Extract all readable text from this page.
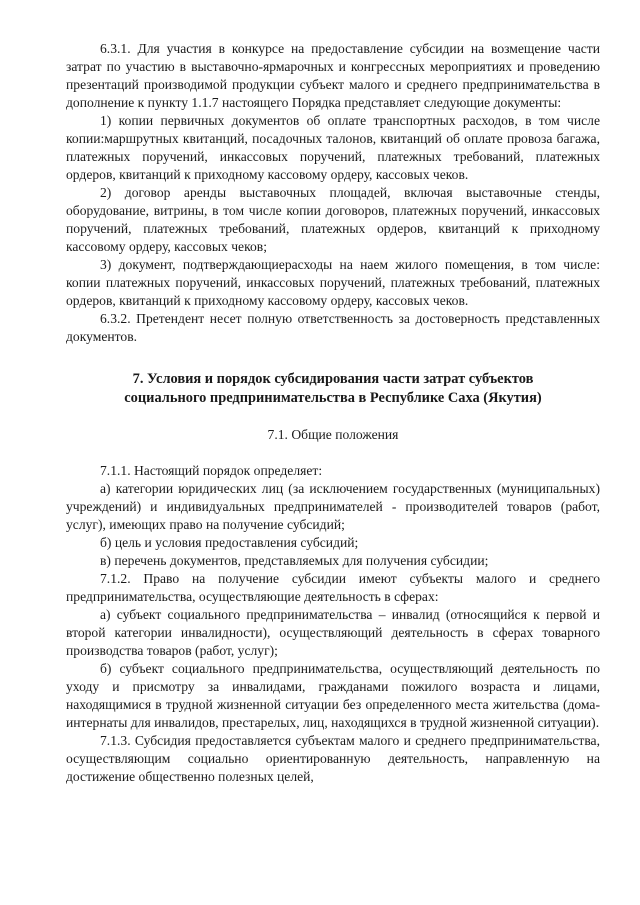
6.3.1. Для участия в конкурсе на предоставление субсидии на возмещение части затрат по участию в выставочно-ярмарочных и конгрессных мероприятиях и проведению презентаций производимой продукции субъект малого и среднего предпринимательства в дополнение к пункту 1.1.7 настоящего Порядка представляет следующие документы:

1) копии первичных документов об оплате транспортных расходов, в том числе копии:маршрутных квитанций, посадочных талонов, квитанций об оплате провоза багажа, платежных поручений, инкассовых поручений, платежных требований, платежных ордеров, квитанций к приходному кассовому ордеру, кассовых чеков.

2) договор аренды выставочных площадей, включая выставочные стенды, оборудование, витрины, в том числе копии договоров, платежных поручений, инкассовых поручений, платежных требований, платежных ордеров, квитанций к приходному кассовому ордеру, кассовых чеков;

3) документ, подтверждающиерасходы на наем жилого помещения, в том числе: копии платежных поручений, инкассовых поручений, платежных требований, платежных ордеров, квитанций к приходному кассовому ордеру, кассовых чеков.

6.3.2. Претендент несет полную ответственность за достоверность представленных документов.

7. Условия и порядок субсидирования части затрат субъектов
социального предпринимательства в Республике Саха (Якутия)
7.1. Общие положения

7.1.1. Настоящий порядок определяет:

а) категории юридических лиц (за исключением государственных (муниципальных) учреждений) и индивидуальных предпринимателей - производителей товаров (работ, услуг), имеющих право на получение субсидий;

б) цель и условия предоставления субсидий;

в) перечень документов, представляемых для получения субсидии;

7.1.2. Право на получение субсидии имеют субъекты малого и среднего предпринимательства, осуществляющие деятельность в сферах:

а) субъект социального предпринимательства – инвалид (относящийся к первой и второй категории инвалидности), осуществляющий деятельность в сферах товарного производства товаров (работ, услуг);

б) субъект социального предпринимательства, осуществляющий деятельность по уходу и присмотру за инвалидами, гражданами пожилого возраста и лицами, находящимися в трудной жизненной ситуации без определенного места жительства (дома-интернаты для инвалидов, престарелых, лиц, находящихся в трудной жизненной ситуации).

7.1.3. Субсидия предоставляется субъектам малого и среднего предпринимательства, осуществляющим социально ориентированную деятельность, направленную на достижение общественно полезных целей,
